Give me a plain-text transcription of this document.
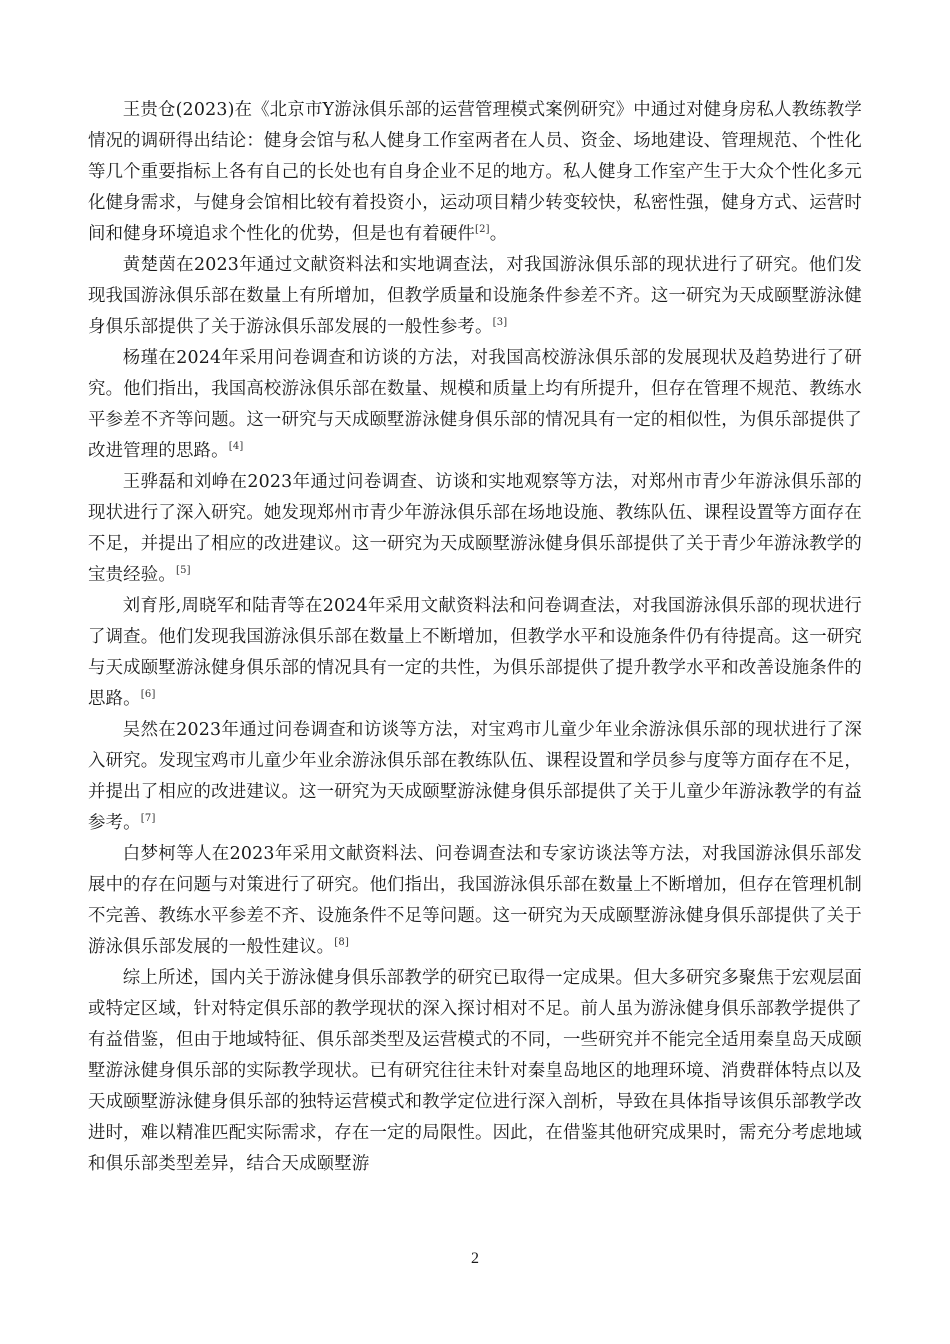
王贵仓(2023)在《北京市Y游泳俱乐部的运营管理模式案例研究》中通过对健身房私人教练教学情况的调研得出结论：健身会馆与私人健身工作室两者在人员、资金、场地建设、管理规范、个性化等几个重要指标上各有自己的长处也有自身企业不足的地方。私人健身工作室产生于大众个性化多元化健身需求，与健身会馆相比较有着投资小，运动项目精少转变较快，私密性强，健身方式、运营时间和健身环境追求个性化的优势，但是也有着硬件[2]。

黄楚茵在2023年通过文献资料法和实地调查法，对我国游泳俱乐部的现状进行了研究。他们发现我国游泳俱乐部在数量上有所增加，但教学质量和设施条件参差不齐。这一研究为天成颐墅游泳健身俱乐部提供了关于游泳俱乐部发展的一般性参考。[3]

杨瑾在2024年采用问卷调查和访谈的方法，对我国高校游泳俱乐部的发展现状及趋势进行了研究。他们指出，我国高校游泳俱乐部在数量、规模和质量上均有所提升，但存在管理不规范、教练水平参差不齐等问题。这一研究与天成颐墅游泳健身俱乐部的情况具有一定的相似性，为俱乐部提供了改进管理的思路。[4]

王骅磊和刘峥在2023年通过问卷调查、访谈和实地观察等方法，对郑州市青少年游泳俱乐部的现状进行了深入研究。她发现郑州市青少年游泳俱乐部在场地设施、教练队伍、课程设置等方面存在不足，并提出了相应的改进建议。这一研究为天成颐墅游泳健身俱乐部提供了关于青少年游泳教学的宝贵经验。[5]

刘育彤,周晓军和陆青等在2024年采用文献资料法和问卷调查法，对我国游泳俱乐部的现状进行了调查。他们发现我国游泳俱乐部在数量上不断增加，但教学水平和设施条件仍有待提高。这一研究与天成颐墅游泳健身俱乐部的情况具有一定的共性，为俱乐部提供了提升教学水平和改善设施条件的思路。[6]

吴然在2023年通过问卷调查和访谈等方法，对宝鸡市儿童少年业余游泳俱乐部的现状进行了深入研究。发现宝鸡市儿童少年业余游泳俱乐部在教练队伍、课程设置和学员参与度等方面存在不足，并提出了相应的改进建议。这一研究为天成颐墅游泳健身俱乐部提供了关于儿童少年游泳教学的有益参考。[7]

白梦柯等人在2023年采用文献资料法、问卷调查法和专家访谈法等方法，对我国游泳俱乐部发展中的存在问题与对策进行了研究。他们指出，我国游泳俱乐部在数量上不断增加，但存在管理机制不完善、教练水平参差不齐、设施条件不足等问题。这一研究为天成颐墅游泳健身俱乐部提供了关于游泳俱乐部发展的一般性建议。[8]

综上所述，国内关于游泳健身俱乐部教学的研究已取得一定成果。但大多研究多聚焦于宏观层面或特定区域，针对特定俱乐部的教学现状的深入探讨相对不足。前人虽为游泳健身俱乐部教学提供了有益借鉴，但由于地域特征、俱乐部类型及运营模式的不同，一些研究并不能完全适用秦皇岛天成颐墅游泳健身俱乐部的实际教学现状。已有研究往往未针对秦皇岛地区的地理环境、消费群体特点以及天成颐墅游泳健身俱乐部的独特运营模式和教学定位进行深入剖析，导致在具体指导该俱乐部教学改进时，难以精准匹配实际需求，存在一定的局限性。因此，在借鉴其他研究成果时，需充分考虑地域和俱乐部类型差异，结合天成颐墅游

2
